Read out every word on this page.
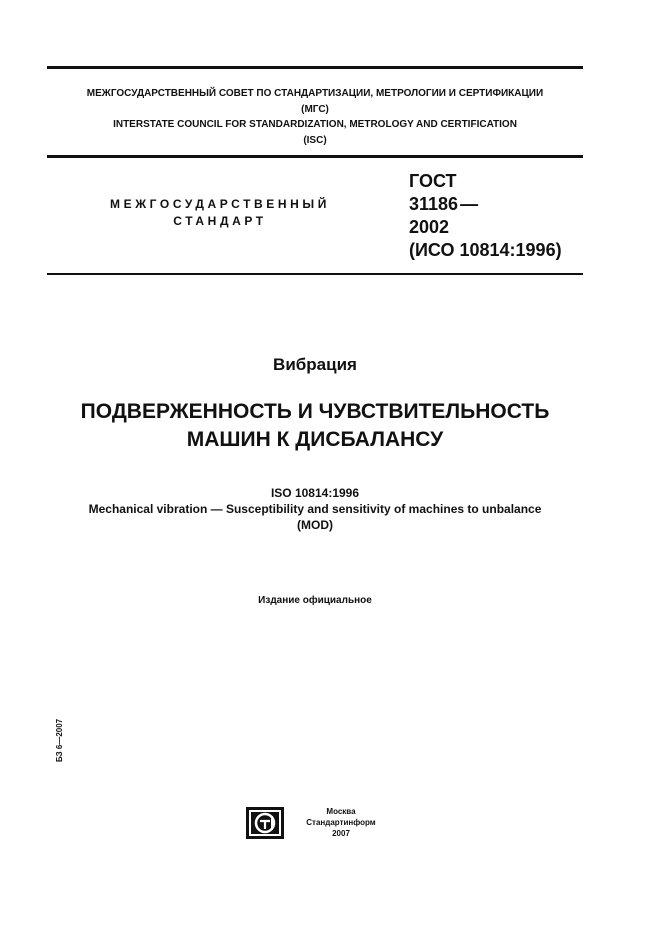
МЕЖГОСУДАРСТВЕННЫЙ СОВЕТ ПО СТАНДАРТИЗАЦИИ, МЕТРОЛОГИИ И СЕРТИФИКАЦИИ
(МГС)
INTERSTATE COUNCIL FOR STANDARDIZATION, METROLOGY AND CERTIFICATION
(ISC)
МЕЖГОСУДАРСТВЕННЫЙ
СТАНДАРТ
ГОСТ
31186 —
2002
(ИСО 10814:1996)
Вибрация
ПОДВЕРЖЕННОСТЬ И ЧУВСТВИТЕЛЬНОСТЬ
МАШИН К ДИСБАЛАНСУ
ISO 10814:1996
Mechanical vibration — Susceptibility and sensitivity of machines to unbalance
(MOD)
Издание официальное
БЗ 6—2007
Москва
Стандартинформ
2007
